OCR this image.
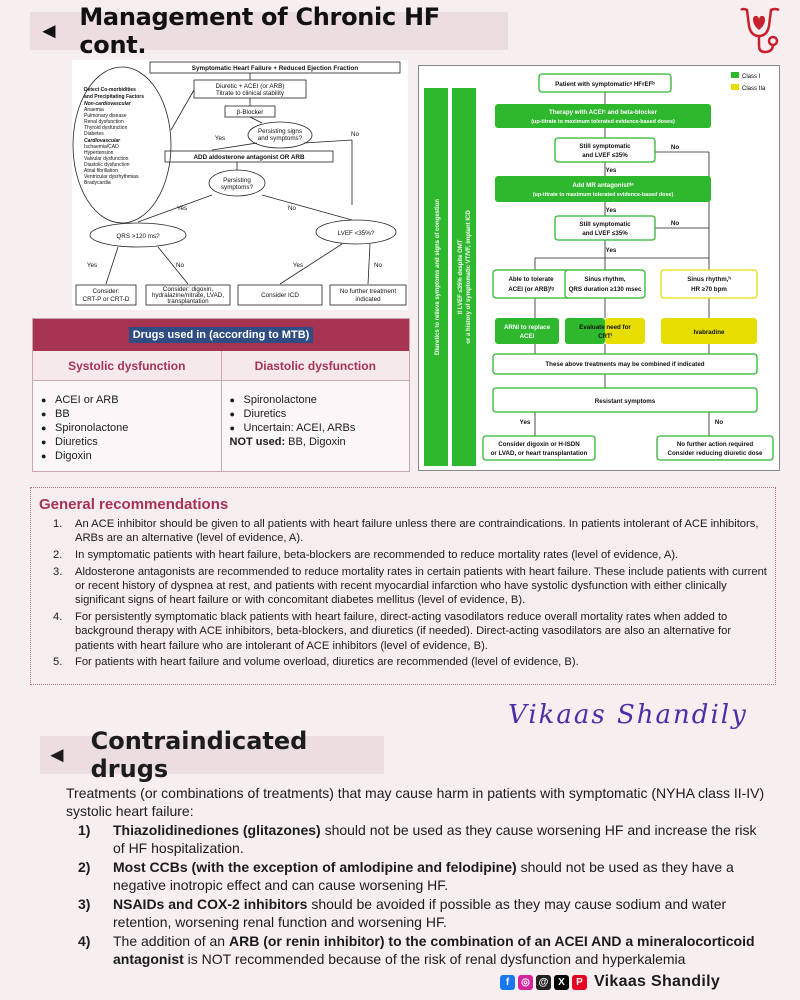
◄ Management of Chronic HF cont.
Symptomatic Heart Failure + Reduced Ejection Fraction
Diuretic + ACEI (or ARB)
Titrate to clinical stability
β-Blocker
Persisting signs
and symptoms?
Yes
No
ADD aldosterone antagonist OR ARB
Persisting
symptoms?
Yes	No
QRS >120 ms?	LVEF <35%?
Yes	No	Yes	No
Consider:
CRT-P or CRT-D
Consider: digoxin,
hydralazine/nitrate, LVAD,
transplantation
Consider ICD
No further treatment
indicated
Detect Co-morbidities
and Precipitating Factors
Non-cardiovascular
Anaemia
Pulmonary disease
Renal dysfunction
Thyroid dysfunction
Diabetes
Cardiovascular
Ischaemia/CAD
Hypertension
Valvular dysfunction
Diastolic dysfunction
Atrial fibrillation
Ventricular dysrhythmias
Bradycardia
Drugs used in (according to MTB)
Systolic dysfunction
● ACEI or ARB
● BB
● Spironolactone
● Diuretics
● Digoxin
Diastolic dysfunction
● Spironolactone
● Diuretics
● Uncertain: ACEI, ARBs
NOT used: BB, Digoxin
Diuretics to relieve symptoms and signs of congestion	If LVEF ≤35% despite OMT or a history of symptomatic VT/VF, implant ICD
Class I
Class IIa
Patient with symptomaticᵃ HFrEFᵇ
Therapy with ACEIᶜ and beta-blocker
(up-titrate to maximum tolerated evidence-based doses)
Still symptomatic
and LVEF ≤35%
Yes
No
Add MR antagonistᵈᵃ
(up-titrate to maximum tolerated evidence-based dose)
Yes
No
Still symptomatic
and LVEF ≤35%
Yes
Able to tolerate
ACEI (or ARB)ᶠᵍ
Sinus rhythm,
QRS duration ≥130 msec
Sinus rhythm,ʰ
HR ≥70 bpm
ARNI to replace
ACEI
Evaluate need for
CRTⁱ
Ivabradine
These above treatments may be combined if indicated
Resistant symptoms
Yes	No
Consider digoxin or H-ISDN
or LVAD, or heart transplantation
No further action required
Consider reducing diuretic dose
General recommendations
1.	An ACE inhibitor should be given to all patients with heart failure unless there are contraindications. In patients intolerant of ACE inhibitors, ARBs are an alternative (level of evidence, A).
2.	In symptomatic patients with heart failure, beta-blockers are recommended to reduce mortality rates (level of evidence, A).
3.	Aldosterone antagonists are recommended to reduce mortality rates in certain patients with heart failure. These include patients with current or recent history of dyspnea at rest, and patients with recent myocardial infarction who have systolic dysfunction with either clinically significant signs of heart failure or with concomitant diabetes mellitus (level of evidence, B).
4.	For persistently symptomatic black patients with heart failure, direct-acting vasodilators reduce overall mortality rates when added to background therapy with ACE inhibitors, beta-blockers, and diuretics (if needed). Direct-acting vasodilators are also an alternative for patients with heart failure who are intolerant of ACE inhibitors (level of evidence, B).
5.	For patients with heart failure and volume overload, diuretics are recommended (level of evidence, B).
Vikaas Shandily
◄ Contraindicated drugs
Treatments (or combinations of treatments) that may cause harm in patients with symptomatic (NYHA class II-IV) systolic heart failure:
1)	Thiazolidinediones (glitazones) should not be used as they cause worsening HF and increase the risk of HF hospitalization.
2)	Most CCBs (with the exception of amlodipine and felodipine) should not be used as they have a negative inotropic effect and can cause worsening HF.
3)	NSAIDs and COX-2 inhibitors should be avoided if possible as they may cause sodium and water retention, worsening renal function and worsening HF.
4)	The addition of an ARB (or renin inhibitor) to the combination of an ACEI AND a mineralocorticoid antagonist is NOT recommended because of the risk of renal dysfunction and hyperkalemia
f	◎ @ X	P Vikaas Shandily
